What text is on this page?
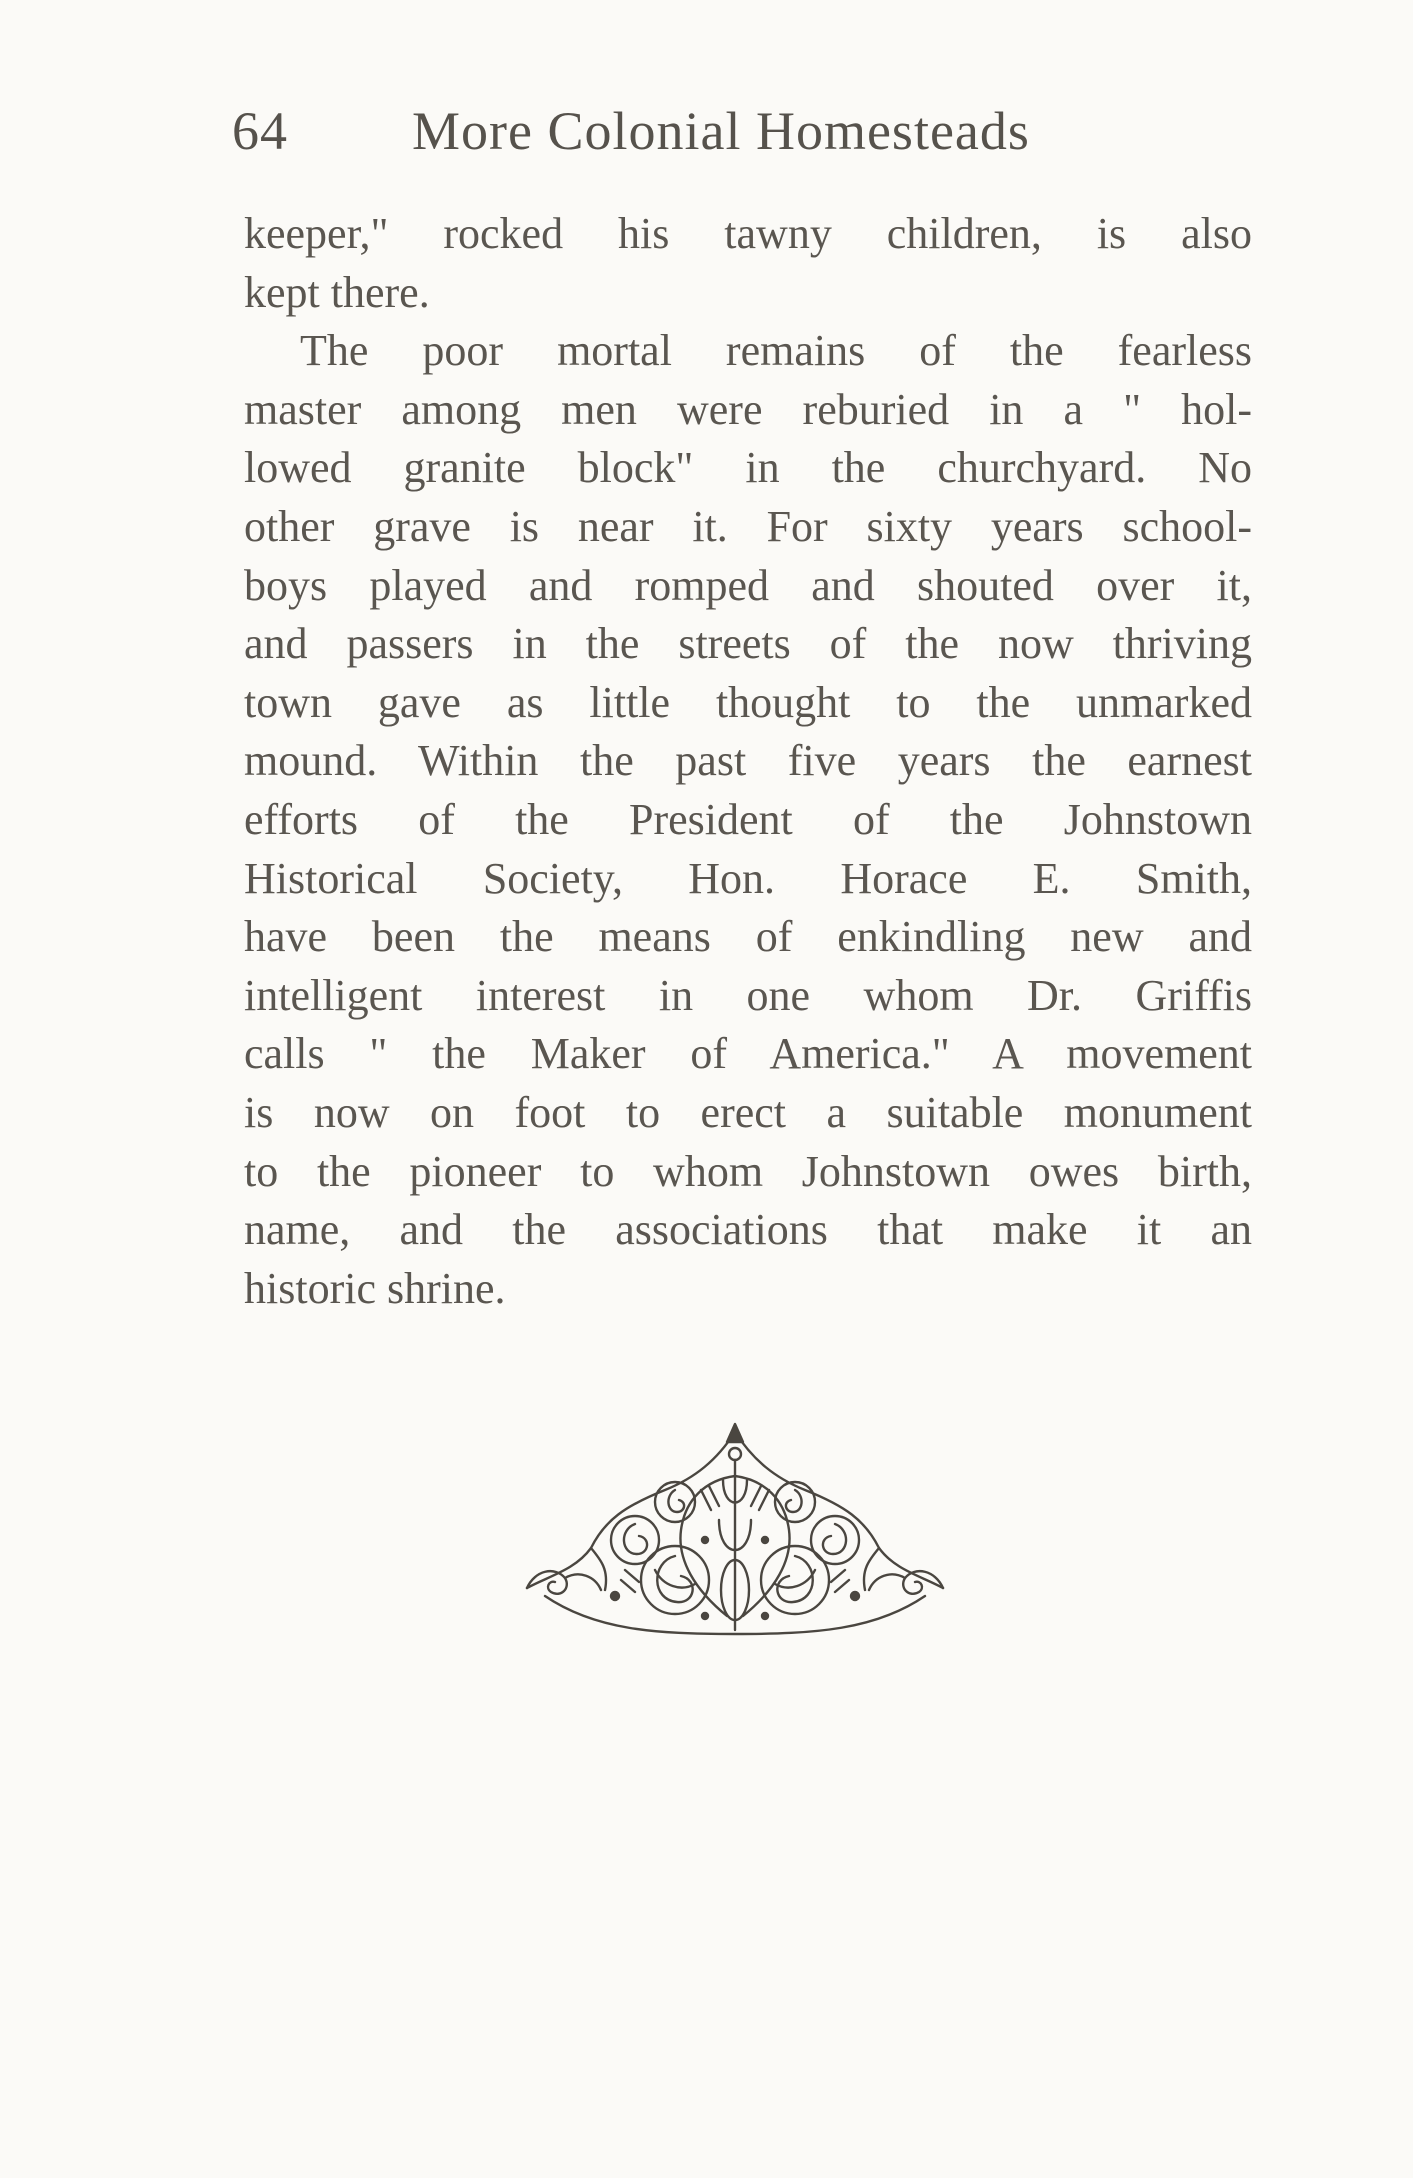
64 More Colonial Homesteads

keeper," rocked his tawny children, is also

kept there.

The poor mortal remains of the fearless

master among men were reburied in a " hol-

lowed granite block" in the churchyard. No

other grave is near it. For sixty years school-

boys played and romped and shouted over it,

and passers in the streets of the now thriving

town gave as little thought to the unmarked

mound. Within the past five years the earnest

efforts of the President of the Johnstown

Historical Society, Hon. Horace E. Smith,

have been the means of enkindling new and

intelligent interest in one whom Dr. Griffis

calls " the Maker of America." A movement

is now on foot to erect a suitable monument

to the pioneer to whom Johnstown owes birth,

name, and the associations that make it an

historic shrine.
